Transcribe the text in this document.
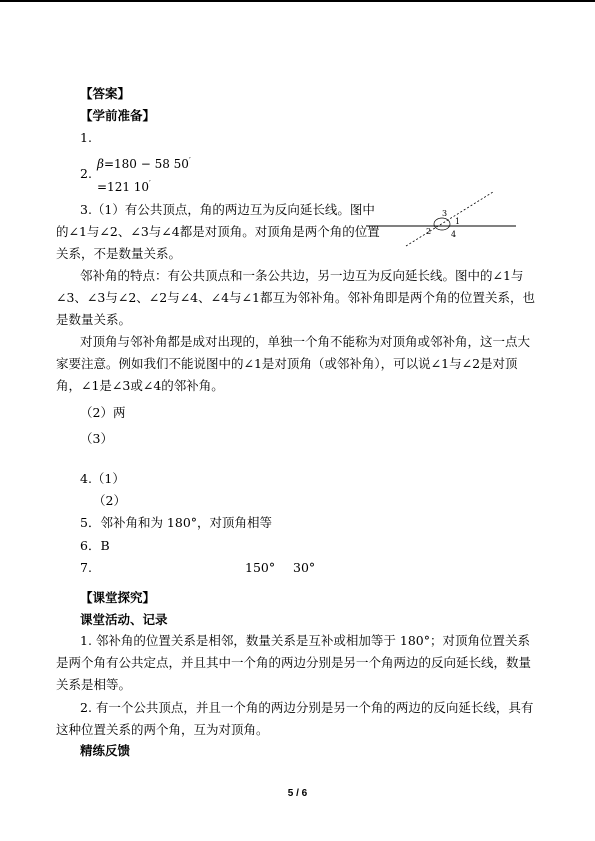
【答案】
【学前准备】
1.
2.
β=180 − 58 50′
=121 10′
3.（1）有公共顶点，角的两边互为反向延长线。图中的∠1与∠2、∠3与∠4都是对顶角。对顶角是两个角的位置关系，不是数量关系。
1
2
3
4
邻补角的特点：有公共顶点和一条公共边，另一边互为反向延长线。图中的∠1与∠3、∠3与∠2、∠2与∠4、∠4与∠1都互为邻补角。邻补角即是两个角的位置关系，也是数量关系。
对顶角与邻补角都是成对出现的，单独一个角不能称为对顶角或邻补角，这一点大家要注意。例如我们不能说图中的∠1是对顶角（或邻补角），可以说∠1与∠2是对顶角，∠1是∠3或∠4的邻补角。
（2）两
（3）
4.（1）
（2）
5．邻补角和为 180°，对顶角相等
6．B
7.	150° 30°
【课堂探究】
课堂活动、记录
1. 邻补角的位置关系是相邻，数量关系是互补或相加等于 180°；对顶角位置关系是两个角有公共定点，并且其中一个角的两边分别是另一个角两边的反向延长线，数量关系是相等。
2. 有一个公共顶点，并且一个角的两边分别是另一个角的两边的反向延长线，具有这种位置关系的两个角，互为对顶角。
精练反馈
5 / 6
